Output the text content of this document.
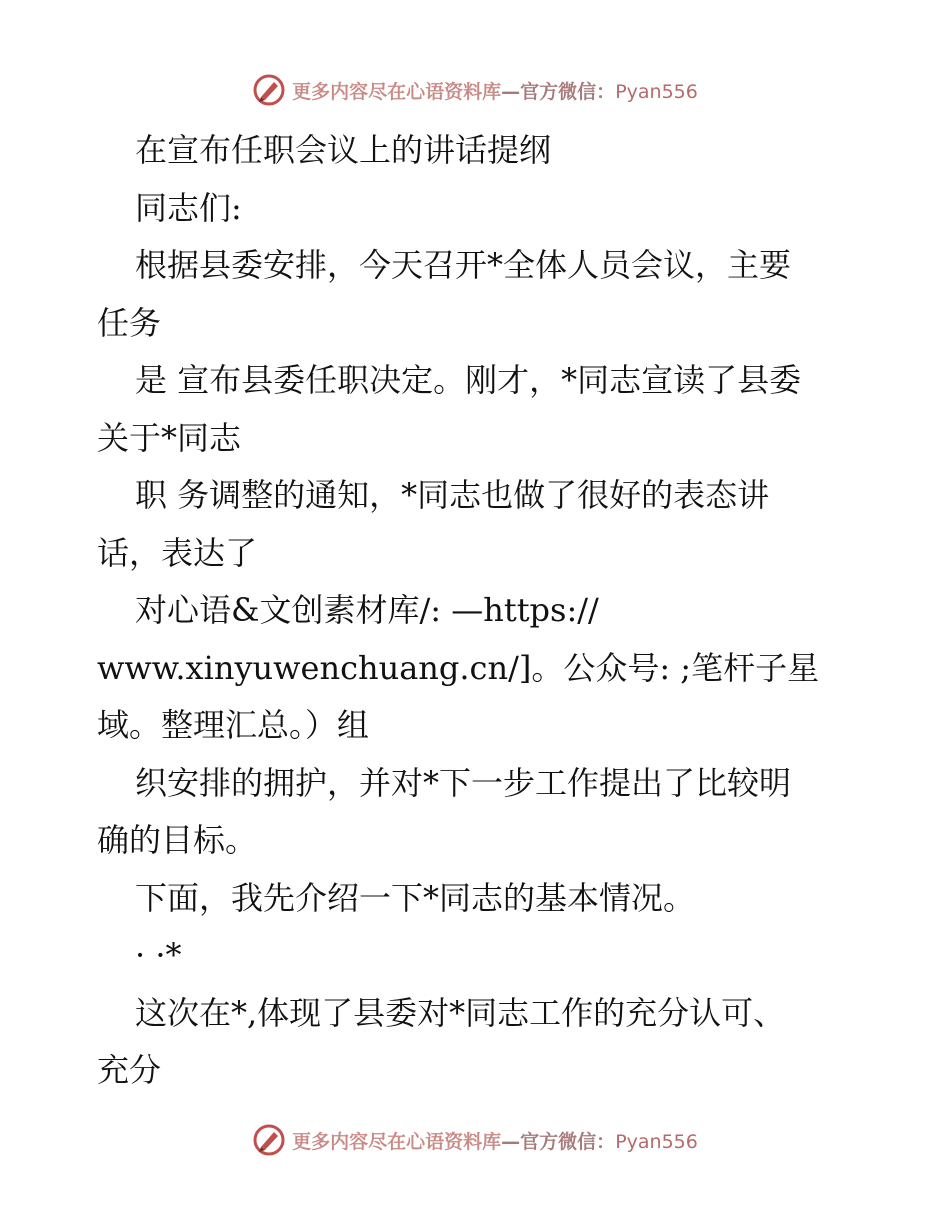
更多内容尽在心语资料库—官方微信：Pyan556

在宣布任职会议上的讲话提纲

同志们:

根据县委安排，今天召开*全体人员会议，主要

任务

是 宣布县委任职决定。刚才，*同志宣读了县委

关于*同志

职 务调整的通知，*同志也做了很好的表态讲

话，表达了

对心语&文创素材库/: —https://

www.xinyuwenchuang.cn/]。公众号: ;笔杆子星

域。整理汇总。）组

织安排的拥护，并对*下一步工作提出了比较明

确的目标。

下面，我先介绍一下*同志的基本情况。

· ·*

这次在*,体现了县委对*同志工作的充分认可、

充分

更多内容尽在心语资料库—官方微信：Pyan556
